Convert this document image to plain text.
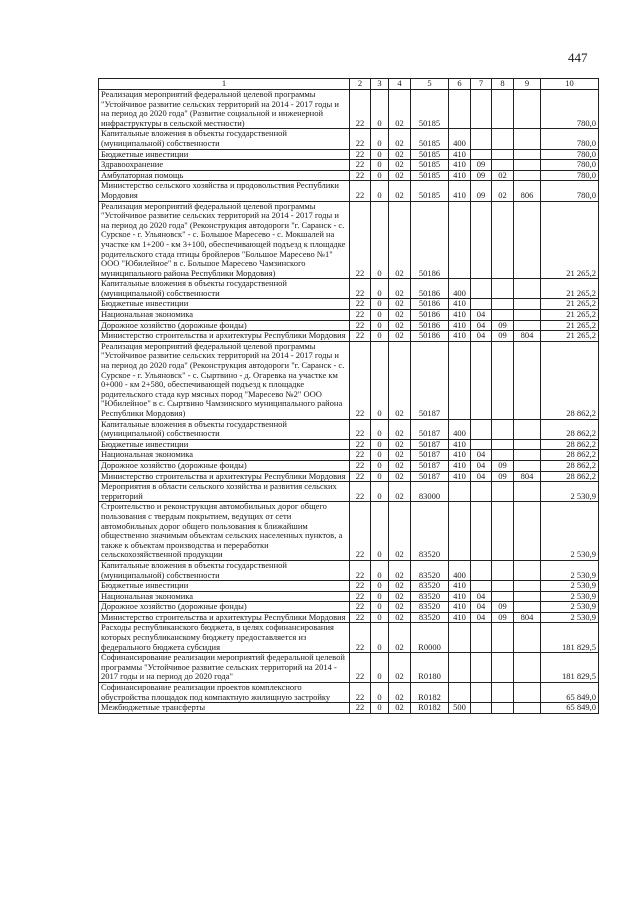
447
1	2	3	4	5	6	7	8	9	10
Реализация мероприятий федеральной целевой программы "Устойчивое развитие сельских территорий на 2014 - 2017 годы и на период до 2020 года" (Развитие социальной и инженерной инфраструктуры в сельской местности)	22	0	02	50185					780,0
Капитальные вложения в объекты государственной (муниципальной) собственности	22	0	02	50185	400				780,0
Бюджетные инвестиции	22	0	02	50185	410				780,0
Здравоохранение	22	0	02	50185	410	09			780,0
Амбулаторная помощь	22	0	02	50185	410	09	02		780,0
Министерство сельского хозяйства и продовольствия Республики Мордовия	22	0	02	50185	410	09	02	806	780,0
Реализация мероприятий федеральной целевой программы "Устойчивое развитие сельских территорий на 2014 - 2017 годы и на период до 2020 года" (Реконструкция автодороги "г. Саранск - с. Сурское - г. Ульяновск" - с. Большое Маресево - с. Мокшалей на участке км 1+200 - км 3+100, обеспечивающей подъезд к площадке родительского стада птицы бройлеров "Большое Маресево №1" ООО "Юбилейное" в с. Большое Маресево Чамзинского муниципального района Республики Мордовия)	22	0	02	50186					21 265,2
Капитальные вложения в объекты государственной (муниципальной) собственности	22	0	02	50186	400				21 265,2
Бюджетные инвестиции	22	0	02	50186	410				21 265,2
Национальная экономика	22	0	02	50186	410	04			21 265,2
Дорожное хозяйство (дорожные фонды)	22	0	02	50186	410	04	09		21 265,2
Министерство строительства и архитектуры Республики Мордовия	22	0	02	50186	410	04	09	804	21 265,2
Реализация мероприятий федеральной целевой программы "Устойчивое развитие сельских территорий на 2014 - 2017 годы и на период до 2020 года" (Реконструкция автодороги "г. Саранск - с. Сурское - г. Ульяновск" - с. Сыртвино - д. Огаревка на участке км 0+000 - км 2+580, обеспечивающей подъезд к площадке родительского стада кур мясных пород "Маресево №2" ООО "Юбилейное" в с. Сыртвино Чамзинского муниципального района Республики Мордовия)	22	0	02	50187					28 862,2
Капитальные вложения в объекты государственной (муниципальной) собственности	22	0	02	50187	400				28 862,2
Бюджетные инвестиции	22	0	02	50187	410				28 862,2
Национальная экономика	22	0	02	50187	410	04			28 862,2
Дорожное хозяйство (дорожные фонды)	22	0	02	50187	410	04	09		28 862,2
Министерство строительства и архитектуры Республики Мордовия	22	0	02	50187	410	04	09	804	28 862,2
Мероприятия в области сельского хозяйства и развития сельских территорий	22	0	02	83000					2 530,9
Строительство и реконструкция автомобильных дорог общего пользования с твердым покрытием, ведущих от сети автомобильных дорог общего пользования к ближайшим общественно значимым объектам сельских населенных пунктов, а также к объектам производства и переработки сельскохозяйственной продукции	22	0	02	83520					2 530,9
Капитальные вложения в объекты государственной (муниципальной) собственности	22	0	02	83520	400				2 530,9
Бюджетные инвестиции	22	0	02	83520	410				2 530,9
Национальная экономика	22	0	02	83520	410	04			2 530,9
Дорожное хозяйство (дорожные фонды)	22	0	02	83520	410	04	09		2 530,9
Министерство строительства и архитектуры Республики Мордовия	22	0	02	83520	410	04	09	804	2 530,9
Расходы республиканского бюджета, в целях софинансирования которых республиканскому бюджету предоставляется из федерального бюджета субсидия	22	0	02	R0000					181 829,5
Софинансирование реализации мероприятий федеральной целевой программы "Устойчивое развитие сельских территорий на 2014 - 2017 годы и на период до 2020 года"	22	0	02	R0180					181 829,5
Софинансирование реализации проектов комплексного обустройства площадок под компактную жилищную застройку	22	0	02	R0182					65 849,0
Межбюджетные трансферты	22	0	02	R0182	500				65 849,0
